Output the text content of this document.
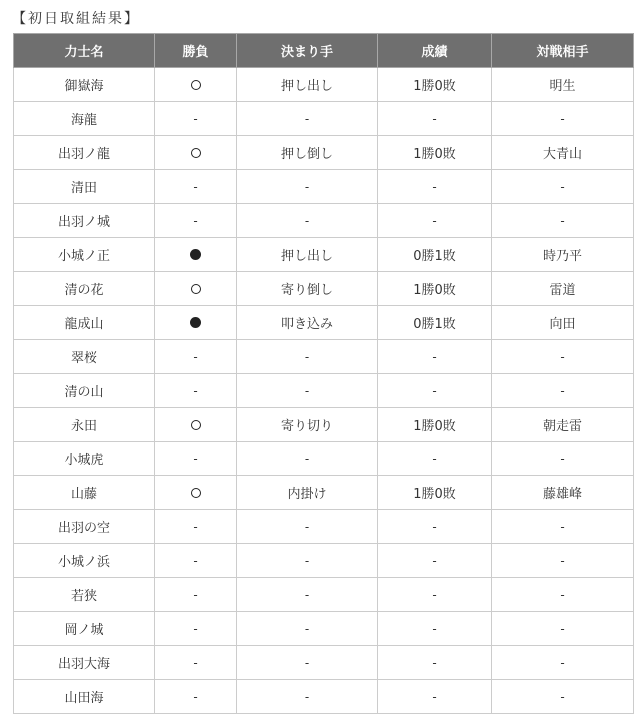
【初日取組結果】
力士名	勝負	決まり手	成績	対戦相手
御嶽海		押し出し	1勝0敗	明生
海龍	-	-	-	-
出羽ノ龍		押し倒し	1勝0敗	大青山
清田	-	-	-	-
出羽ノ城	-	-	-	-
小城ノ正		押し出し	0勝1敗	時乃平
清の花		寄り倒し	1勝0敗	雷道
龍成山		叩き込み	0勝1敗	向田
翠桜	-	-	-	-
清の山	-	-	-	-
永田		寄り切り	1勝0敗	朝走雷
小城虎	-	-	-	-
山藤		内掛け	1勝0敗	藤雄峰
出羽の空	-	-	-	-
小城ノ浜	-	-	-	-
若狭	-	-	-	-
岡ノ城	-	-	-	-
出羽大海	-	-	-	-
山田海	-	-	-	-
